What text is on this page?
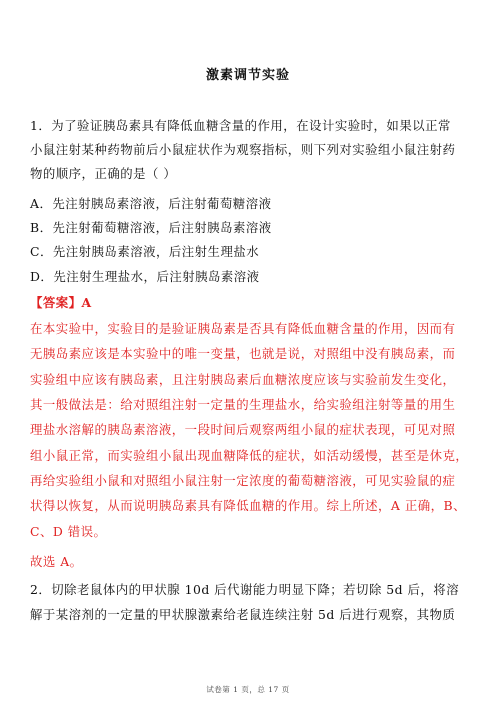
激素调节实验
1．为了验证胰岛素具有降低血糖含量的作用，在设计实验时，如果以正常
小鼠注射某种药物前后小鼠症状作为观察指标，则下列对实验组小鼠注射药
物的顺序，正确的是（ ）
A．先注射胰岛素溶液，后注射葡萄糖溶液
B．先注射葡萄糖溶液，后注射胰岛素溶液
C．先注射胰岛素溶液，后注射生理盐水
D．先注射生理盐水，后注射胰岛素溶液
【答案】A
在本实验中，实验目的是验证胰岛素是否具有降低血糖含量的作用，因而有
无胰岛素应该是本实验中的唯一变量，也就是说，对照组中没有胰岛素，而
实验组中应该有胰岛素，且注射胰岛素后血糖浓度应该与实验前发生变化，
其一般做法是：给对照组注射一定量的生理盐水，给实验组注射等量的用生
理盐水溶解的胰岛素溶液，一段时间后观察两组小鼠的症状表现，可见对照
组小鼠正常，而实验组小鼠出现血糖降低的症状，如活动缓慢，甚至是休克，
再给实验组小鼠和对照组小鼠注射一定浓度的葡萄糖溶液，可见实验鼠的症
状得以恢复，从而说明胰岛素具有降低血糖的作用。综上所述，A 正确，B、
C、D 错误。
故选 A。
2．切除老鼠体内的甲状腺 10d 后代谢能力明显下降；若切除 5d 后，将溶
解于某溶剂的一定量的甲状腺激素给老鼠连续注射 5d 后进行观察，其物质
试卷第 1 页，总 17 页
